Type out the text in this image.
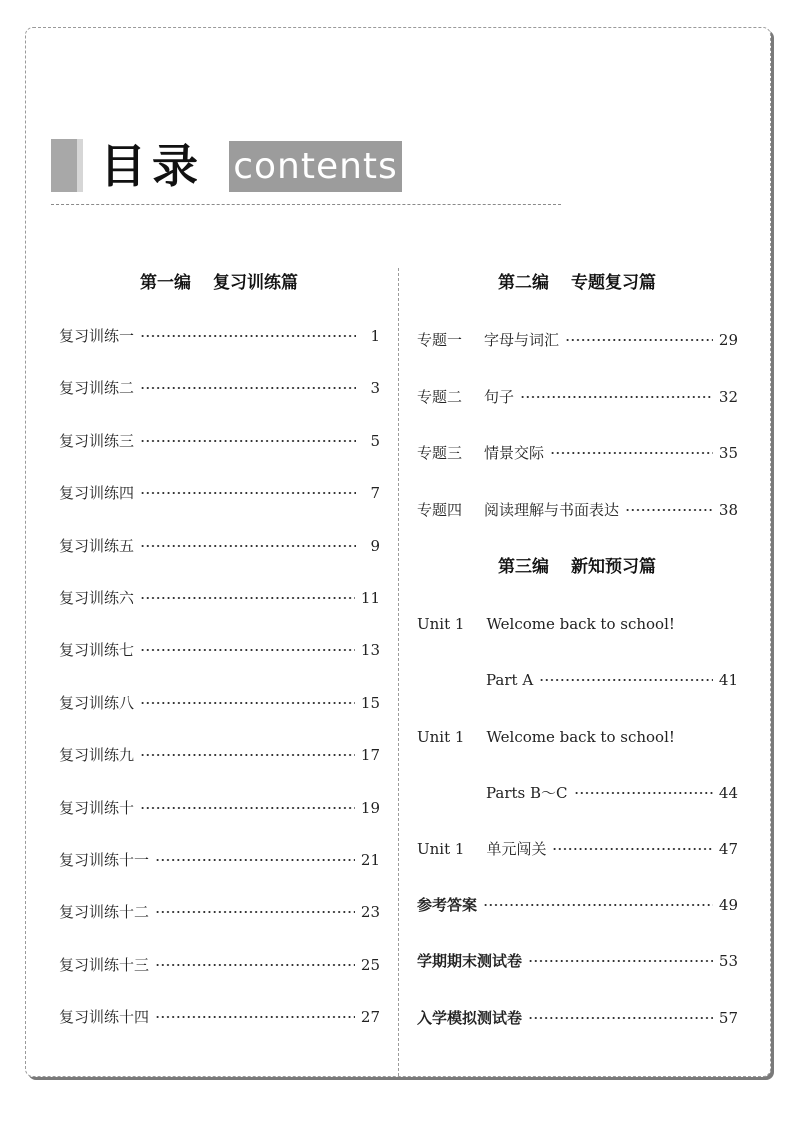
目录 contents
第一编 复习训练篇
复习训练一	1
复习训练二	3
复习训练三	5
复习训练四	7
复习训练五	9
复习训练六	11
复习训练七	13
复习训练八	15
复习训练九	17
复习训练十	19
复习训练十一	21
复习训练十二	23
复习训练十三	25
复习训练十四	27
第二编 专题复习篇
专题一 字母与词汇	29
专题二 句子	32
专题三 情景交际	35
专题四 阅读理解与书面表达	38
第三编 新知预习篇
Unit 1 Welcome back to school!
Part A	41
Unit 1 Welcome back to school!
Parts B～C	44
Unit 1 单元闯关	47
参考答案	49
学期期末测试卷	53
入学模拟测试卷	57
